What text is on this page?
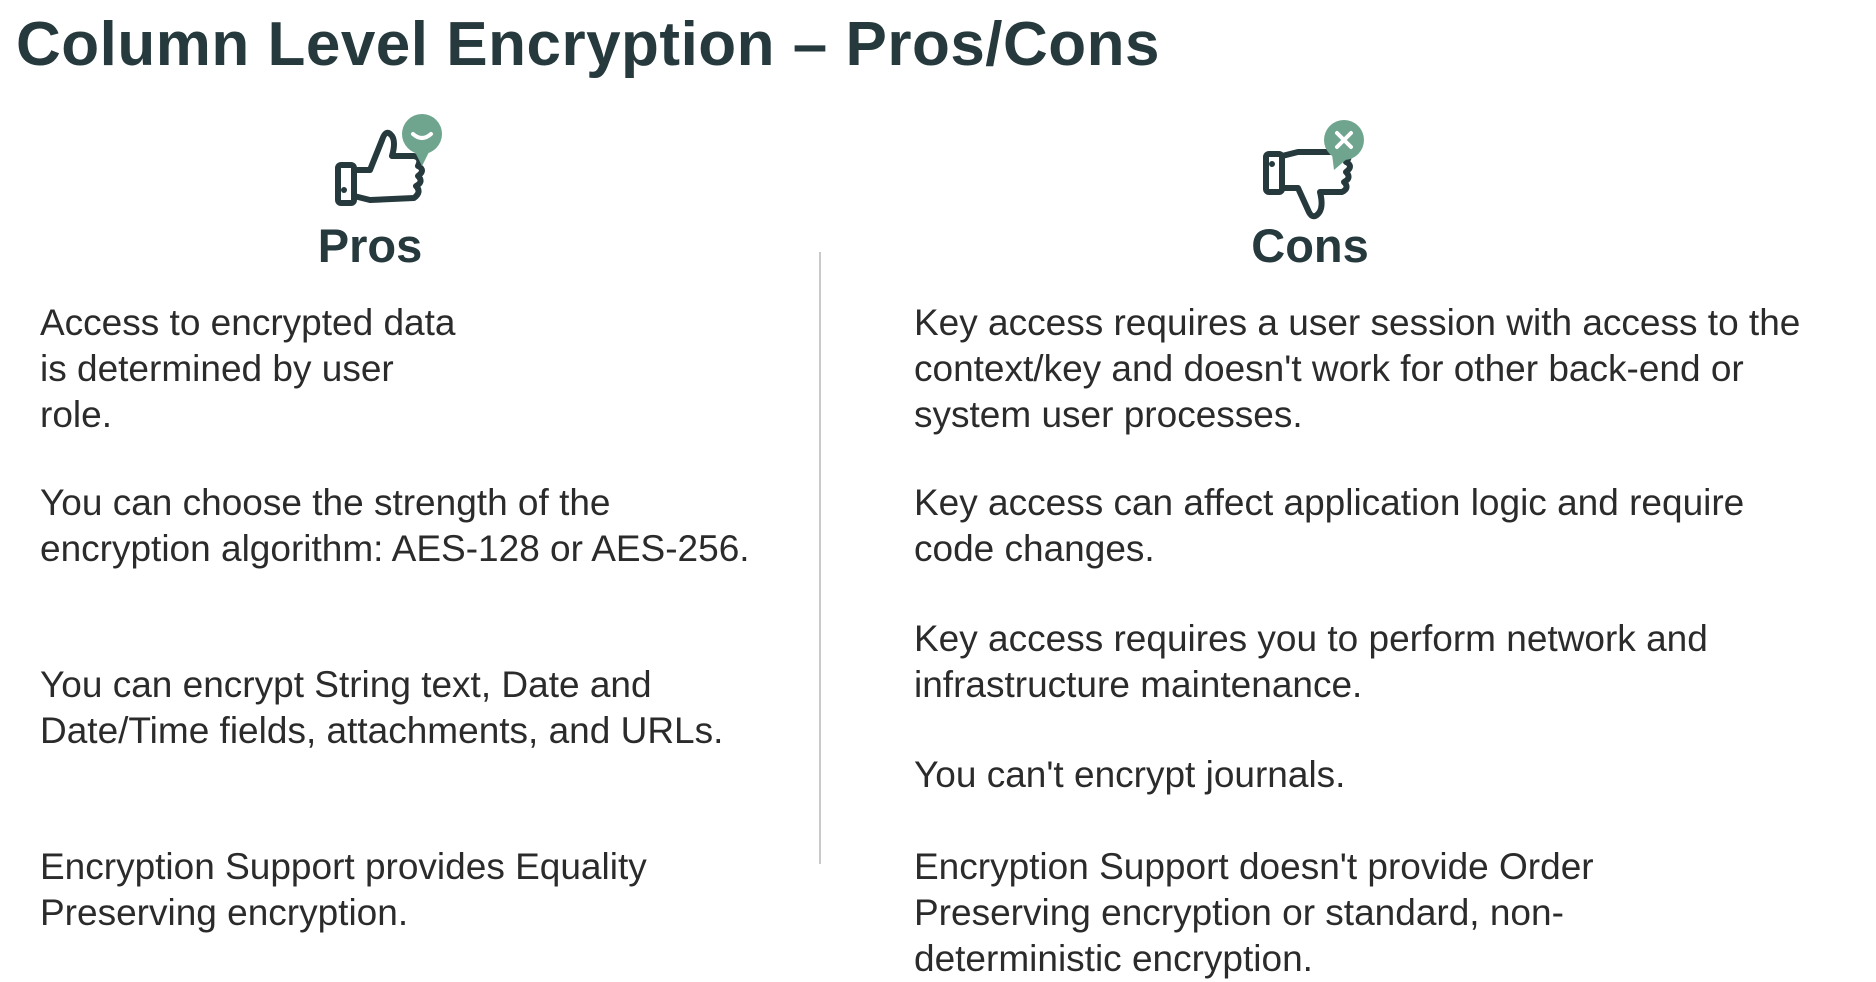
Column Level Encryption – Pros/Cons
Pros	Cons

Access to encrypted data is determined by user role.

You can choose the strength of the encryption algorithm: AES-128 or AES-256.

You can encrypt String text, Date and Date/Time fields, attachments, and URLs.

Encryption Support provides Equality Preserving encryption.

Key access requires a user session with access to the context/key and doesn't work for other back-end or system user processes.

Key access can affect application logic and require code changes.

Key access requires you to perform network and infrastructure maintenance.

You can't encrypt journals.

Encryption Support doesn't provide Order Preserving encryption or standard, non-deterministic encryption.
